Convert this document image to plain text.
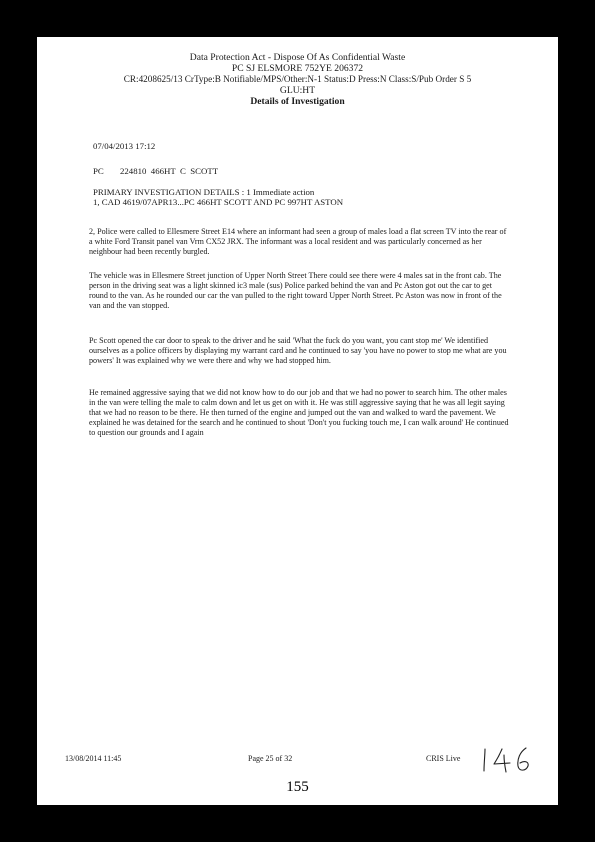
Data Protection Act - Dispose Of As Confidential Waste
PC SJ ELSMORE 752YE 206372
CR:4208625/13 CrType:B Notifiable/MPS/Other:N-1 Status:D Press:N Class:S/Pub Order S 5
GLU:HT
Details of Investigation
07/04/2013 17:12
PC 224810  466HT  C  SCOTT
PRIMARY INVESTIGATION DETAILS : 1 Immediate action
1, CAD 4619/07APR13...PC 466HT SCOTT AND PC 997HT ASTON

2, Police were called to Ellesmere Street E14 where an informant had seen a group of males load a flat screen TV into the rear of a white Ford Transit panel van Vrm CX52 JRX. The informant was a local resident and was particularly concerned as her neighbour had been recently burgled.

The vehicle was in Ellesmere Street junction of Upper North Street There could see there were 4 males sat in the front cab. The person in the driving seat was a light skinned ic3 male (sus) Police parked behind the van and Pc Aston got out the car to get round to the van. As he rounded our car the van pulled to the right toward Upper North Street. Pc Aston was now in front of the van and the van stopped.

Pc Scott opened the car door to speak to the driver and he said 'What the fuck do you want, you cant stop me' We identified ourselves as a police officers by displaying my warrant card and he continued to say 'you have no power to stop me what are you powers' It was explained why we were there and why we had stopped him.

He remained aggressive saying that we did not know how to do our job and that we had no power to search him. The other males in the van were telling the male to calm down and let us get on with it. He was still aggressive saying that he was all legit saying that we had no reason to be there. He then turned of the engine and jumped out the van and walked to ward the pavement. We explained he was detained for the search and he continued to shout 'Don't you fucking touch me, I can walk around' He continued to question our grounds and I again

13/08/2014 11:45	Page 25 of 32	CRIS Live
155
